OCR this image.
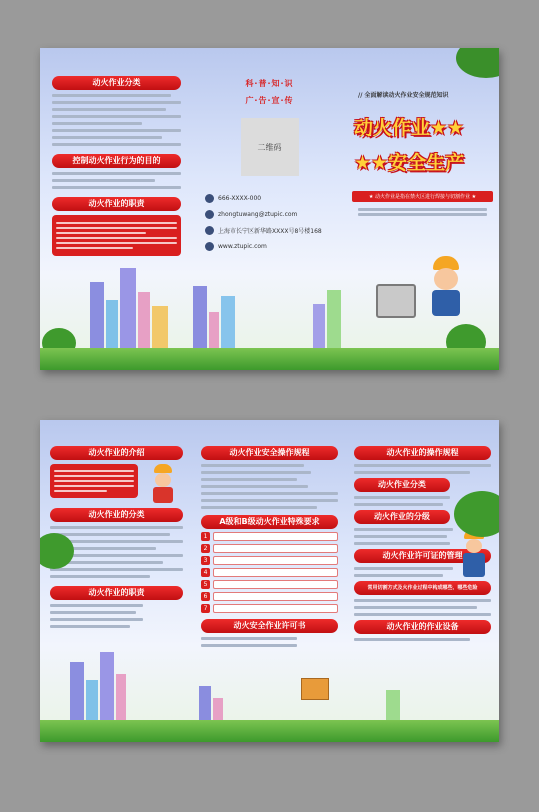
动火作业分类
控制动火作业行为的目的
动火作业的职责
科·普·知·识
广·告·宣·传
二维码
666-XXXX-000
zhongtuwang@ztupic.com
上海市长宁区新华路XXXX号8号楼168
www.ztupic.com
// 全面解读动火作业安全规范知识
动火作业★★
★★安全生产
★ 动火作业是指在禁火区进行焊接与切割作业 ★
动火作业的介绍
动火作业的分类
动火作业的职责
动火作业安全操作规程
A级和B级动火作业特殊要求
1
2
3
4
5
6
7
动火安全作业许可书
动火作业的操作规程
动火作业分类
动火作业的分级
动火作业许可证的管理
常用切割方式及火作业过程中构成哪些、哪些危险
动火作业的作业设备
